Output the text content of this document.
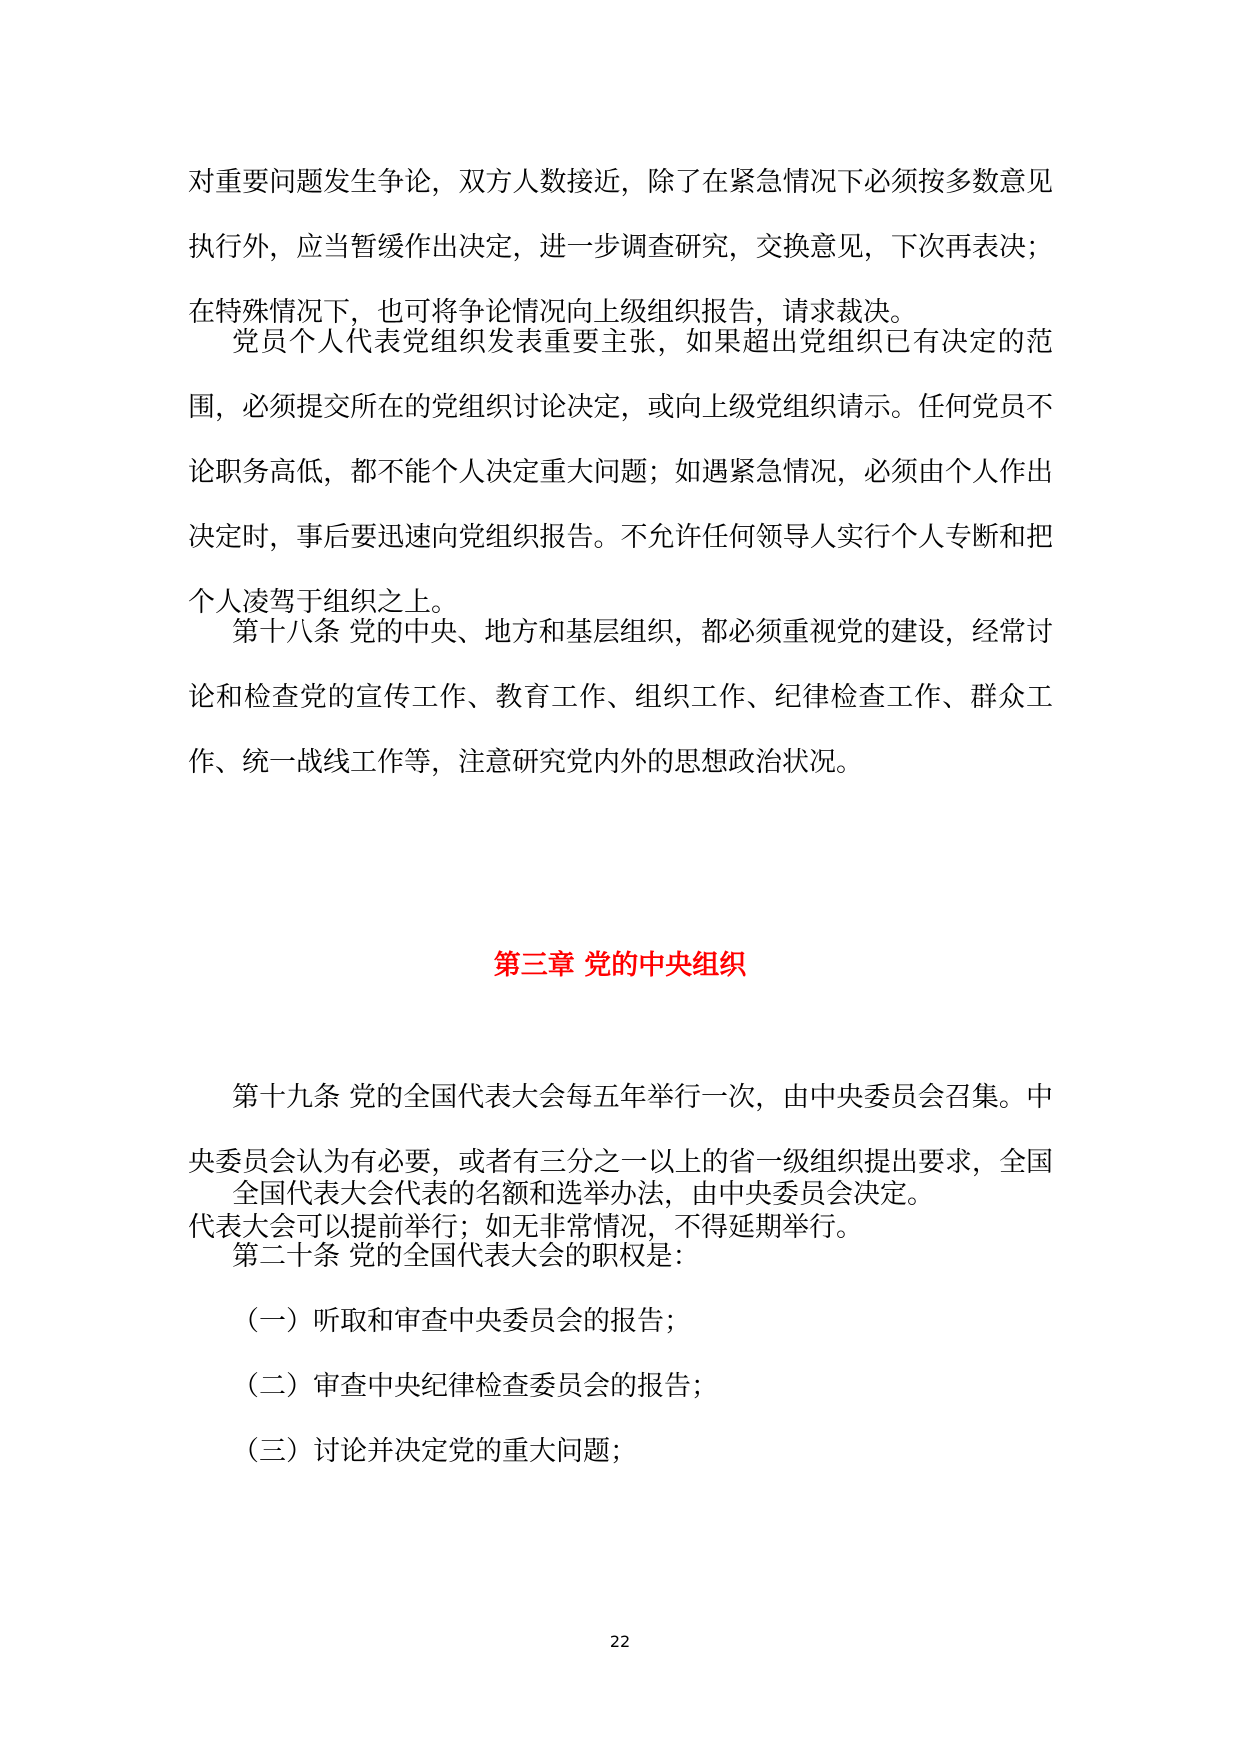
对重要问题发生争论，双方人数接近，除了在紧急情况下必须按多数意见执行外，应当暂缓作出决定，进一步调查研究，交换意见，下次再表决；在特殊情况下，也可将争论情况向上级组织报告，请求裁决。

党员个人代表党组织发表重要主张，如果超出党组织已有决定的范围，必须提交所在的党组织讨论决定，或向上级党组织请示。任何党员不论职务高低，都不能个人决定重大问题；如遇紧急情况，必须由个人作出决定时，事后要迅速向党组织报告。不允许任何领导人实行个人专断和把个人凌驾于组织之上。

第十八条 党的中央、地方和基层组织，都必须重视党的建设，经常讨论和检查党的宣传工作、教育工作、组织工作、纪律检查工作、群众工作、统一战线工作等，注意研究党内外的思想政治状况。

第三章 党的中央组织

第十九条 党的全国代表大会每五年举行一次，由中央委员会召集。中央委员会认为有必要，或者有三分之一以上的省一级组织提出要求，全国代表大会可以提前举行；如无非常情况，不得延期举行。

全国代表大会代表的名额和选举办法，由中央委员会决定。

第二十条 党的全国代表大会的职权是：

（一）听取和审查中央委员会的报告；

（二）审查中央纪律检查委员会的报告；

（三）讨论并决定党的重大问题；

22
